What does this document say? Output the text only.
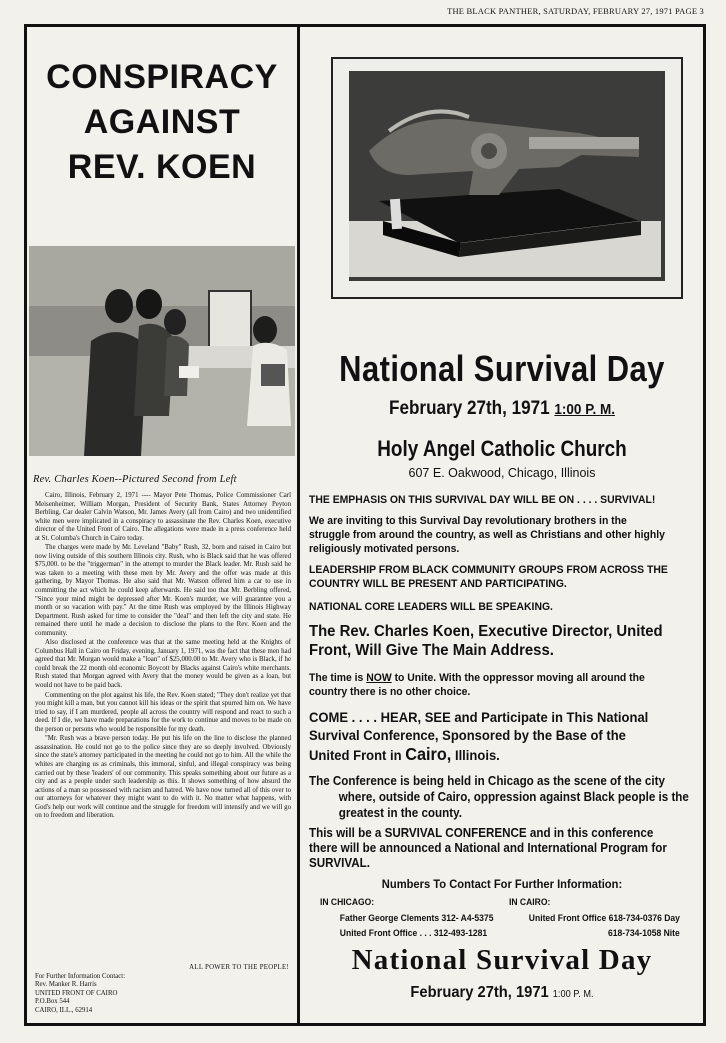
THE BLACK PANTHER, SATURDAY, FEBRUARY 27, 1971 PAGE 3
CONSPIRACY
AGAINST
REV. KOEN
Rev. Charles Koen--Pictured Second from Left

Cairo, Illinois, February 2, 1971 ---- Mayor Pete Thomas, Police Commissioner Carl Meisenheimer, William Morgan, President of Security Bank, States Attorney Peyton Berbling, Car dealer Calvin Watson, Mr. James Avery (all from Cairo) and two unidentified white men were implicated in a conspiracy to assassinate the Rev. Charles Koen, executive director of the United Front of Cairo. The allegations were made in a press conference held at St. Columba's Church in Cairo today.

The charges were made by Mr. Leveland "Baby" Rush, 32, born and raised in Cairo but now living outside of this southern Illinois city. Rush, who is Black said that he was offered $75,000. to be the "triggerman" in the attempt to murder the Black leader. Mr. Rush said he was taken to a meeting with these men by Mr. Avery and the offer was made at this gathering, by Mayor Thomas. He also said that Mr. Watson offered him a car to use in committing the act which he could keep afterwards. He said too that Mr. Berbling offered, "Since your mind might be depressed after Mr. Koen's murder, we will guarantee you a month or so vacation with pay." At the time Rush was employed by the Illinois Highway Department. Rush asked for time to consider the "deal" and then left the city and state. He remained there until he made a decision to disclose the plans to the Rev. Koen and the community.

Also disclosed at the conference was that at the same meeting held at the Knights of Columbus Hall in Cairo on Friday, evening, January 1, 1971, was the fact that these men had agreed that Mr. Morgan would make a "loan" of $25,000.00 to Mr. Avery who is Black, if he could break the 22 month old economic Boycott by Blacks against Cairo's white merchants. Rush stated that Morgan agreed with Avery that the money would be given as a loan, but would not have to be paid back.

Commenting on the plot against his life, the Rev. Koen stated; "They don't realize yet that you might kill a man, but you cannot kill his ideas or the spirit that spurred him on. We have tried to say, if I am murdered, people all across the country will respond and react to such a deed. If I die, we have made preparations for the work to continue and moves to be made on the person or persons who would be responsible for my death.

"Mr. Rush was a brave person today. He put his life on the line to disclose the planned assassination. He could not go to the police since they are so deeply involved. Obviously since the state's attorney participated in the meeting he could not go to him. All the while the whites are charging us as criminals, this immoral, sinful, and illegal conspiracy was being carried out by these 'leaders' of our community. This speaks something about our future as a city and as a people under such leadership as this. It shows something of how absurd the actions of a man so possessed with racism and hatred. We have now turned all of this over to our attorneys for whatever they might want to do with it. No matter what happens, with God's help our work will continue and the struggle for freedom will intensify and we will go on to freedom and liberation.

ALL POWER TO THE PEOPLE!
For Further Information Contact:
Rev. Manker R. Harris
UNITED FRONT OF CAIRO
P.O.Box 544
CAIRO, ILL., 62914
National Survival Day
February 27th, 1971 1:00 P. M.
Holy Angel Catholic Church
607 E. Oakwood, Chicago, Illinois
THE EMPHASIS ON THIS SURVIVAL DAY WILL BE ON . . . . SURVIVAL!
We are inviting to this Survival Day revolutionary brothers in the struggle from around the country, as well as Christians and other highly religiously motivated persons.
LEADERSHIP FROM BLACK COMMUNITY GROUPS FROM ACROSS THE COUNTRY WILL BE PRESENT AND PARTICIPATING.
NATIONAL CORE LEADERS WILL BE SPEAKING.
The Rev. Charles Koen, Executive Director, United Front, Will Give The Main Address.
The time is NOW to Unite. With the oppressor moving all around the country there is no other choice.
COME . . . . HEAR, SEE and Participate in This National Survival Conference, Sponsored by the Base of the United Front in Cairo, Illinois.
The Conference is being held in Chicago as the scene of the city where, outside of Cairo, oppression against Black people is the greatest in the county.
This will be a SURVIVAL CONFERENCE and in this conference there will be announced a National and International Program for SURVIVAL.
Numbers To Contact For Further Information:
IN CHICAGO:	IN CAIRO:
Father George Clements 312- A4-5375
United Front Office . . . 312-493-1281
United Front Office 618-734-0376 Day
618-734-1058 Nite
National Survival Day
February 27th, 1971 1:00 P. M.
